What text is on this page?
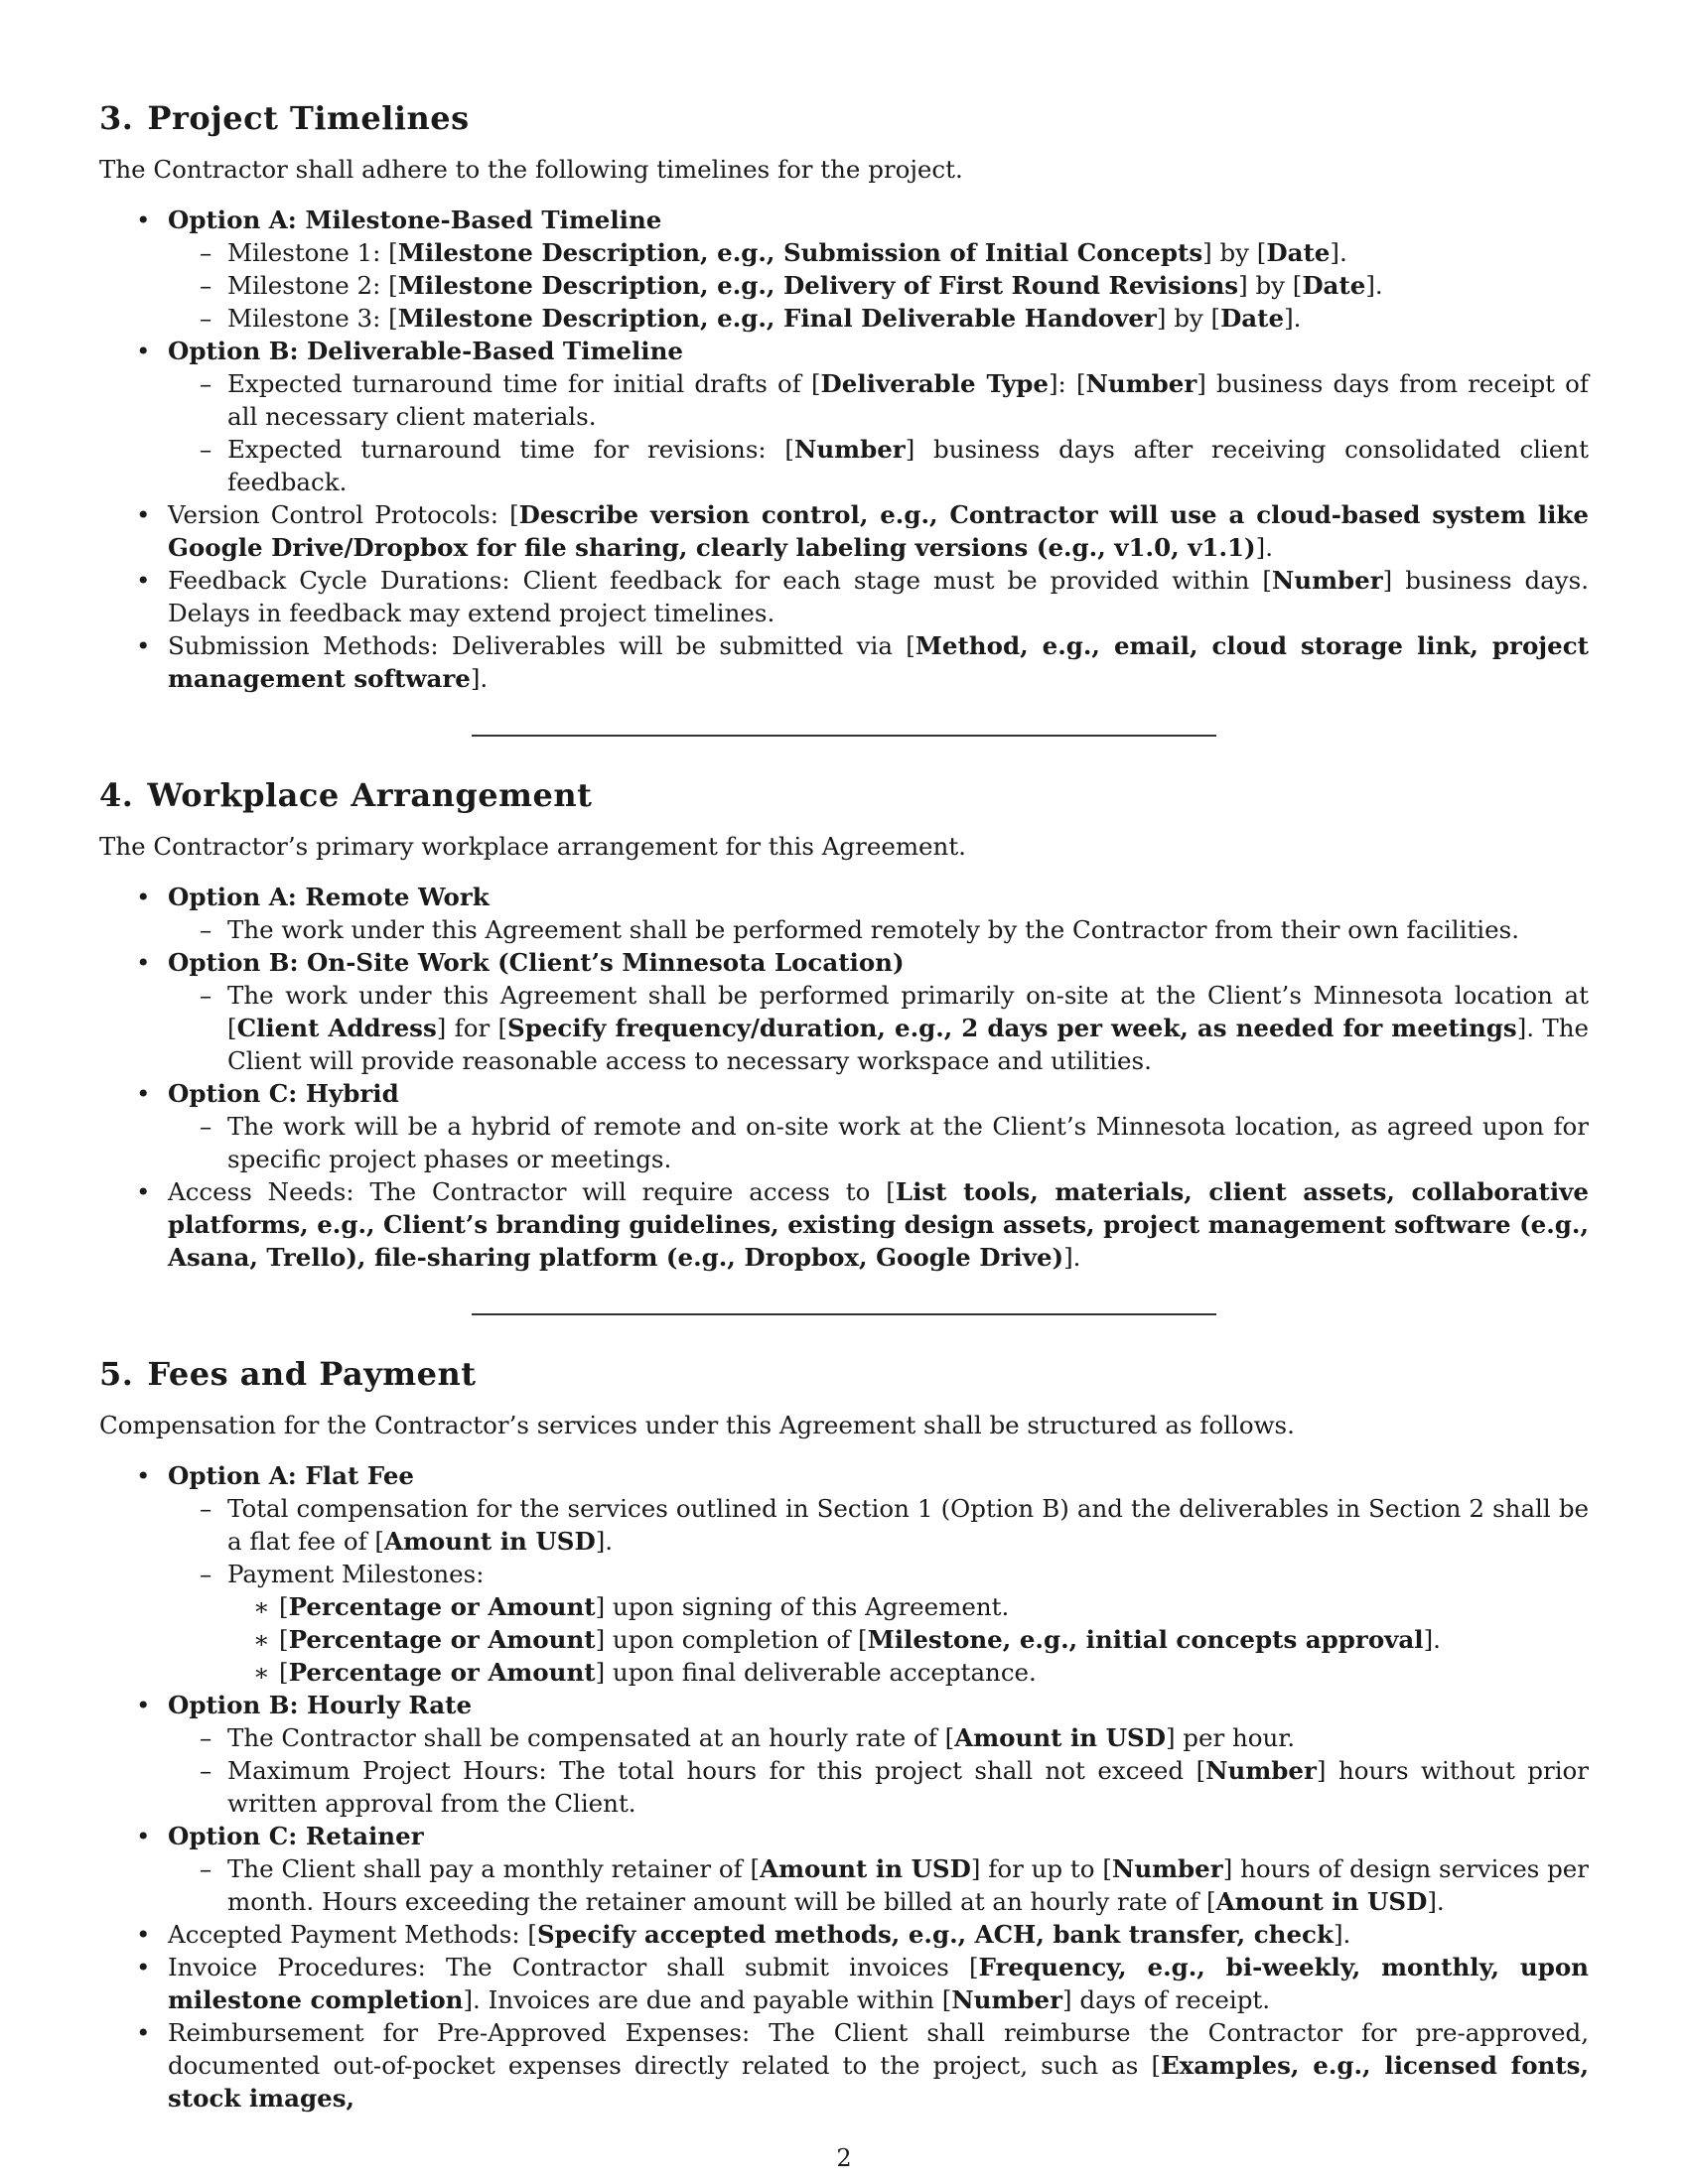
3. Project Timelines

The Contractor shall adhere to the following timelines for the project.

• Option A: Milestone-Based Timeline
– Milestone 1: [Milestone Description, e.g., Submission of Initial Concepts] by [Date].
– Milestone 2: [Milestone Description, e.g., Delivery of First Round Revisions] by [Date].
– Milestone 3: [Milestone Description, e.g., Final Deliverable Handover] by [Date].
• Option B: Deliverable-Based Timeline
– Expected turnaround time for initial drafts of [Deliverable Type]: [Number] business days from receipt of all necessary client materials.
– Expected turnaround time for revisions: [Number] business days after receiving consolidated client feedback.
• Version Control Protocols: [Describe version control, e.g., Contractor will use a cloud-based system like Google Drive/Dropbox for file sharing, clearly labeling versions (e.g., v1.0, v1.1)].
• Feedback Cycle Durations: Client feedback for each stage must be provided within [Number] business days. Delays in feedback may extend project timelines.
• Submission Methods: Deliverables will be submitted via [Method, e.g., email, cloud storage link, project management software].
4. Workplace Arrangement

The Contractor’s primary workplace arrangement for this Agreement.

• Option A: Remote Work
– The work under this Agreement shall be performed remotely by the Contractor from their own facilities.
• Option B: On-Site Work (Client’s Minnesota Location)
– The work under this Agreement shall be performed primarily on-site at the Client’s Minnesota location at [Client Address] for [Specify frequency/duration, e.g., 2 days per week, as needed for meetings]. The Client will provide reasonable access to necessary workspace and utilities.
• Option C: Hybrid
– The work will be a hybrid of remote and on-site work at the Client’s Minnesota location, as agreed upon for specific project phases or meetings.
• Access Needs: The Contractor will require access to [List tools, materials, client assets, collaborative platforms, e.g., Client’s branding guidelines, existing design assets, project management software (e.g., Asana, Trello), file-sharing platform (e.g., Dropbox, Google Drive)].
5. Fees and Payment

Compensation for the Contractor’s services under this Agreement shall be structured as follows.

• Option A: Flat Fee
– Total compensation for the services outlined in Section 1 (Option B) and the deliverables in Section 2 shall be a flat fee of [Amount in USD].
– Payment Milestones:
∗ [Percentage or Amount] upon signing of this Agreement.
∗ [Percentage or Amount] upon completion of [Milestone, e.g., initial concepts approval].
∗ [Percentage or Amount] upon final deliverable acceptance.
• Option B: Hourly Rate
– The Contractor shall be compensated at an hourly rate of [Amount in USD] per hour.
– Maximum Project Hours: The total hours for this project shall not exceed [Number] hours without prior written approval from the Client.
• Option C: Retainer
– The Client shall pay a monthly retainer of [Amount in USD] for up to [Number] hours of design services per month. Hours exceeding the retainer amount will be billed at an hourly rate of [Amount in USD].
• Accepted Payment Methods: [Specify accepted methods, e.g., ACH, bank transfer, check].
• Invoice Procedures: The Contractor shall submit invoices [Frequency, e.g., bi-weekly, monthly, upon milestone completion]. Invoices are due and payable within [Number] days of receipt.
• Reimbursement for Pre-Approved Expenses: The Client shall reimburse the Contractor for pre-approved, documented out-of-pocket expenses directly related to the project, such as [Examples, e.g., licensed fonts, stock images,
2
